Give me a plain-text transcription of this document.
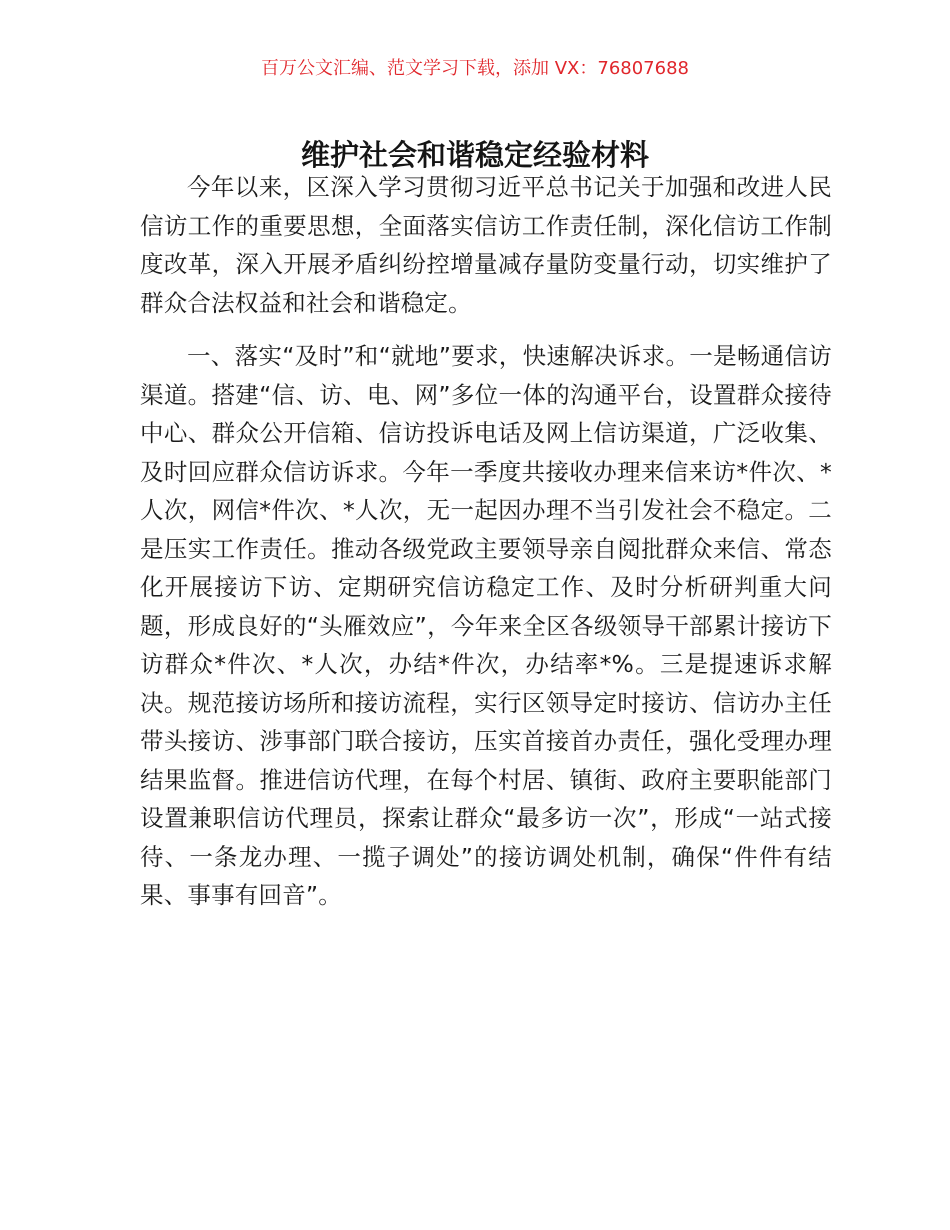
百万公文汇编、范文学习下载，添加 VX：76807688
维护社会和谐稳定经验材料

今年以来，区深入学习贯彻习近平总书记关于加强和改进人民信访工作的重要思想，全面落实信访工作责任制，深化信访工作制度改革，深入开展矛盾纠纷控增量减存量防变量行动，切实维护了群众合法权益和社会和谐稳定。

一、落实“及时”和“就地”要求，快速解决诉求。一是畅通信访渠道。搭建“信、访、电、网”多位一体的沟通平台，设置群众接待中心、群众公开信箱、信访投诉电话及网上信访渠道，广泛收集、及时回应群众信访诉求。今年一季度共接收办理来信来访*件次、*人次，网信*件次、*人次，无一起因办理不当引发社会不稳定。二是压实工作责任。推动各级党政主要领导亲自阅批群众来信、常态化开展接访下访、定期研究信访稳定工作、及时分析研判重大问题，形成良好的“头雁效应”，今年来全区各级领导干部累计接访下访群众*件次、*人次，办结*件次，办结率*%。三是提速诉求解决。规范接访场所和接访流程，实行区领导定时接访、信访办主任带头接访、涉事部门联合接访，压实首接首办责任，强化受理办理结果监督。推进信访代理，在每个村居、镇街、政府主要职能部门设置兼职信访代理员，探索让群众“最多访一次”，形成“一站式接待、一条龙办理、一揽子调处”的接访调处机制，确保“件件有结果、事事有回音”。
